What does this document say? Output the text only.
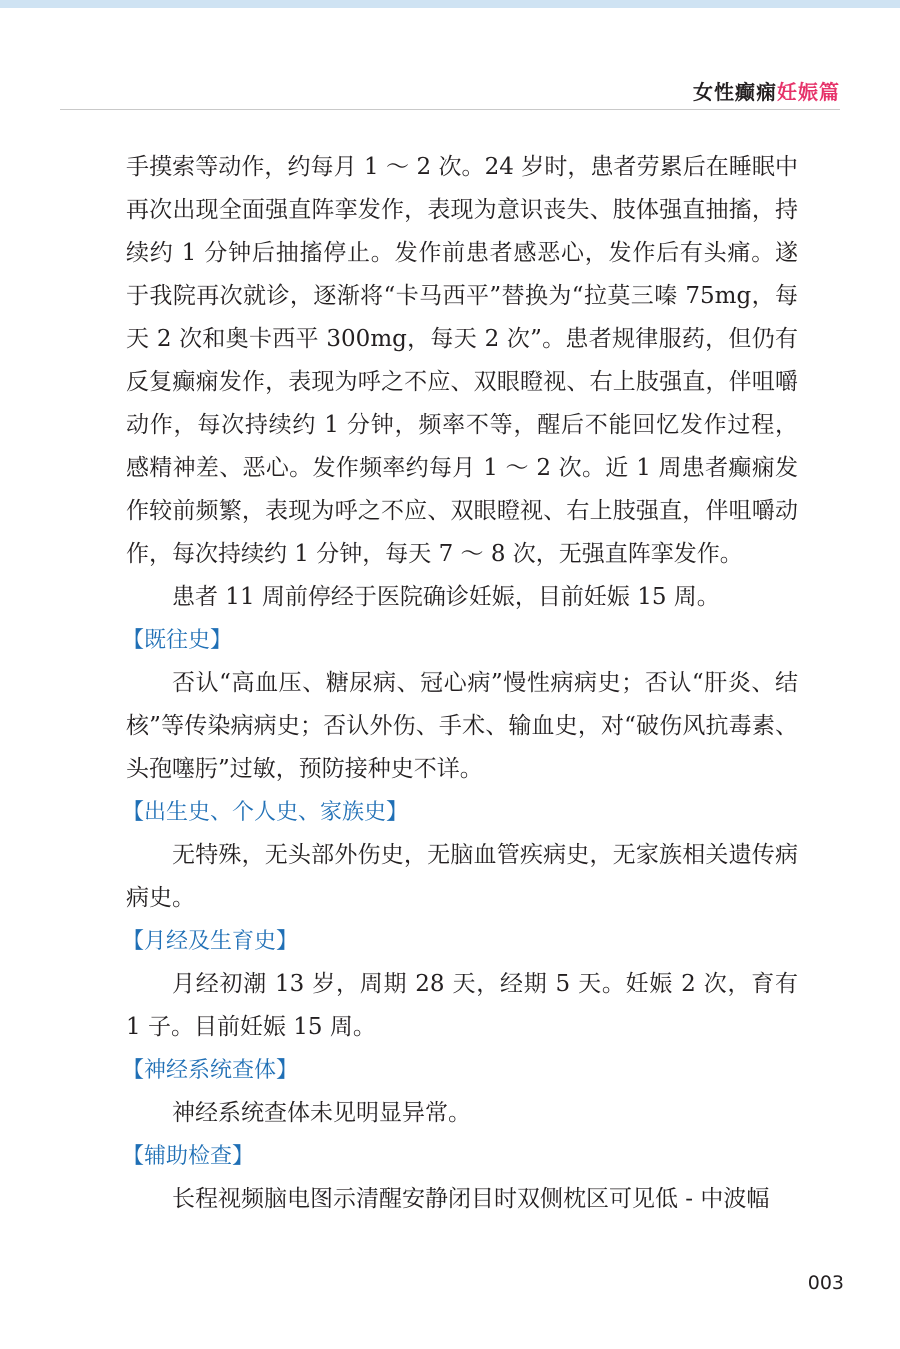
女性癫痫妊娠篇

手摸索等动作，约每月 1 ～ 2 次。24 岁时，患者劳累后在睡眠中再次出现全面强直阵挛发作，表现为意识丧失、肢体强直抽搐，持续约 1 分钟后抽搐停止。发作前患者感恶心，发作后有头痛。遂于我院再次就诊，逐渐将“卡马西平”替换为“拉莫三嗪 75mg，每天 2 次和奥卡西平 300mg，每天 2 次”。患者规律服药，但仍有反复癫痫发作，表现为呼之不应、双眼瞪视、右上肢强直，伴咀嚼动作，每次持续约 1 分钟，频率不等，醒后不能回忆发作过程，感精神差、恶心。发作频率约每月 1 ～ 2 次。近 1 周患者癫痫发作较前频繁，表现为呼之不应、双眼瞪视、右上肢强直，伴咀嚼动作，每次持续约 1 分钟，每天 7 ～ 8 次，无强直阵挛发作。

患者 11 周前停经于医院确诊妊娠，目前妊娠 15 周。

【既往史】

否认“高血压、糖尿病、冠心病”慢性病病史；否认“肝炎、结核”等传染病病史；否认外伤、手术、输血史，对“破伤风抗毒素、头孢噻肟”过敏，预防接种史不详。

【出生史、个人史、家族史】

无特殊，无头部外伤史，无脑血管疾病史，无家族相关遗传病病史。

【月经及生育史】

月经初潮 13 岁，周期 28 天，经期 5 天。妊娠 2 次，育有 1 子。目前妊娠 15 周。

【神经系统查体】

神经系统查体未见明显异常。

【辅助检查】

长程视频脑电图示清醒安静闭目时双侧枕区可见低 - 中波幅

003
